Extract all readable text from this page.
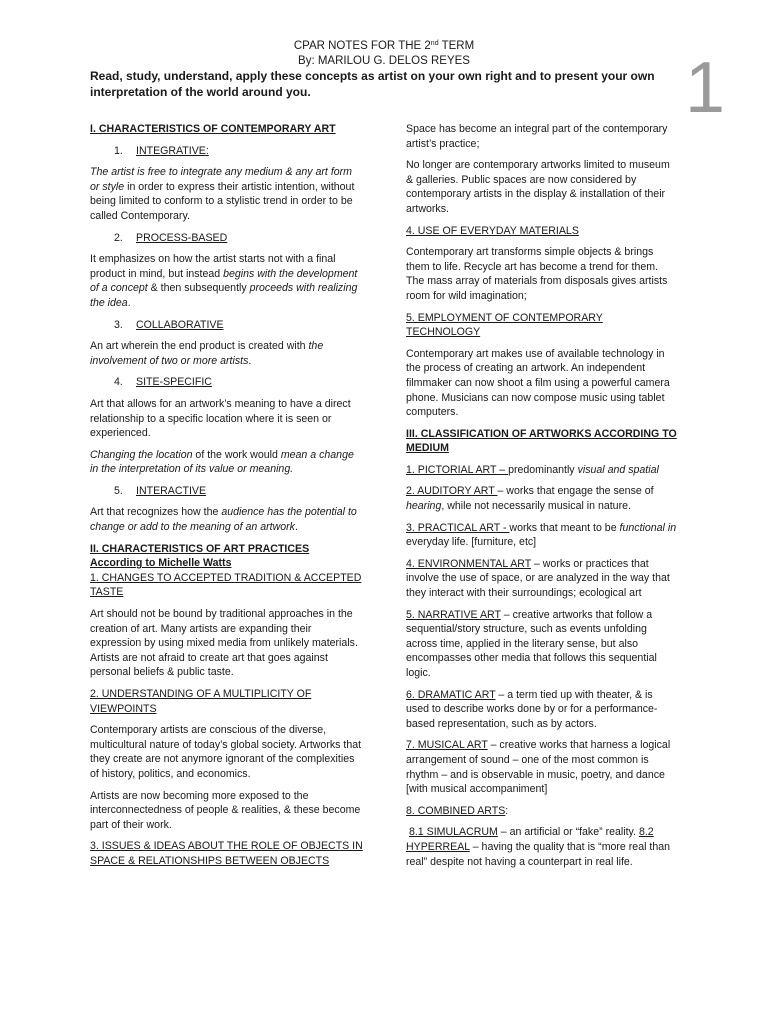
CPAR NOTES FOR THE 2nd TERM
By: MARILOU G. DELOS REYES
Read, study, understand, apply these concepts as artist on your own right and to present your own interpretation of the world around you.	1

I. CHARACTERISTICS OF CONTEMPORARY ART

1. INTEGRATIVE:

The artist is free to integrate any medium & any art form or style in order to express their artistic intention, without being limited to conform to a stylistic trend in order to be called Contemporary.

2. PROCESS-BASED

It emphasizes on how the artist starts not with a final product in mind, but instead begins with the development of a concept & then subsequently proceeds with realizing the idea.

3. COLLABORATIVE

An art wherein the end product is created with the involvement of two or more artists.

4. SITE-SPECIFIC

Art that allows for an artwork’s meaning to have a direct relationship to a specific location where it is seen or experienced.

Changing the location of the work would mean a change in the interpretation of its value or meaning.

5. INTERACTIVE

Art that recognizes how the audience has the potential to change or add to the meaning of an artwork.

II. CHARACTERISTICS OF ART PRACTICES According to Michelle Watts

1. CHANGES TO ACCEPTED TRADITION & ACCEPTED TASTE

Art should not be bound by traditional approaches in the creation of art. Many artists are expanding their expression by using mixed media from unlikely materials. Artists are not afraid to create art that goes against personal beliefs & public taste.

2. UNDERSTANDING OF A MULTIPLICITY OF VIEWPOINTS

Contemporary artists are conscious of the diverse, multicultural nature of today’s global society. Artworks that they create are not anymore ignorant of the complexities of history, politics, and economics.

Artists are now becoming more exposed to the interconnectedness of people & realities, & these become part of their work.

3. ISSUES & IDEAS ABOUT THE ROLE OF OBJECTS IN SPACE & RELATIONSHIPS BETWEEN OBJECTS

Space has become an integral part of the contemporary artist’s practice;

No longer are contemporary artworks limited to museum & galleries. Public spaces are now considered by contemporary artists in the display & installation of their artworks.

4. USE OF EVERYDAY MATERIALS

Contemporary art transforms simple objects & brings them to life. Recycle art has become a trend for them. The mass array of materials from disposals gives artists room for wild imagination;

5. EMPLOYMENT OF CONTEMPORARY TECHNOLOGY

Contemporary art makes use of available technology in the process of creating an artwork. An independent filmmaker can now shoot a film using a powerful camera phone. Musicians can now compose music using tablet computers.

III. CLASSIFICATION OF ARTWORKS ACCORDING TO MEDIUM

1. PICTORIAL ART – predominantly visual and spatial

2. AUDITORY ART – works that engage the sense of hearing, while not necessarily musical in nature.

3. PRACTICAL ART - works that meant to be functional in everyday life. [furniture, etc]

4. ENVIRONMENTAL ART – works or practices that involve the use of space, or are analyzed in the way that they interact with their surroundings; ecological art

5. NARRATIVE ART – creative artworks that follow a sequential/story structure, such as events unfolding across time, applied in the literary sense, but also encompasses other media that follows this sequential logic.

6. DRAMATIC ART – a term tied up with theater, & is used to describe works done by or for a performance-based representation, such as by actors.

7. MUSICAL ART – creative works that harness a logical arrangement of sound – one of the most common is rhythm – and is observable in music, poetry, and dance [with musical accompaniment]

8. COMBINED ARTS:

8.1 SIMULACRUM – an artificial or “fake” reality. 8.2 HYPERREAL – having the quality that is “more real than real” despite not having a counterpart in real life.
